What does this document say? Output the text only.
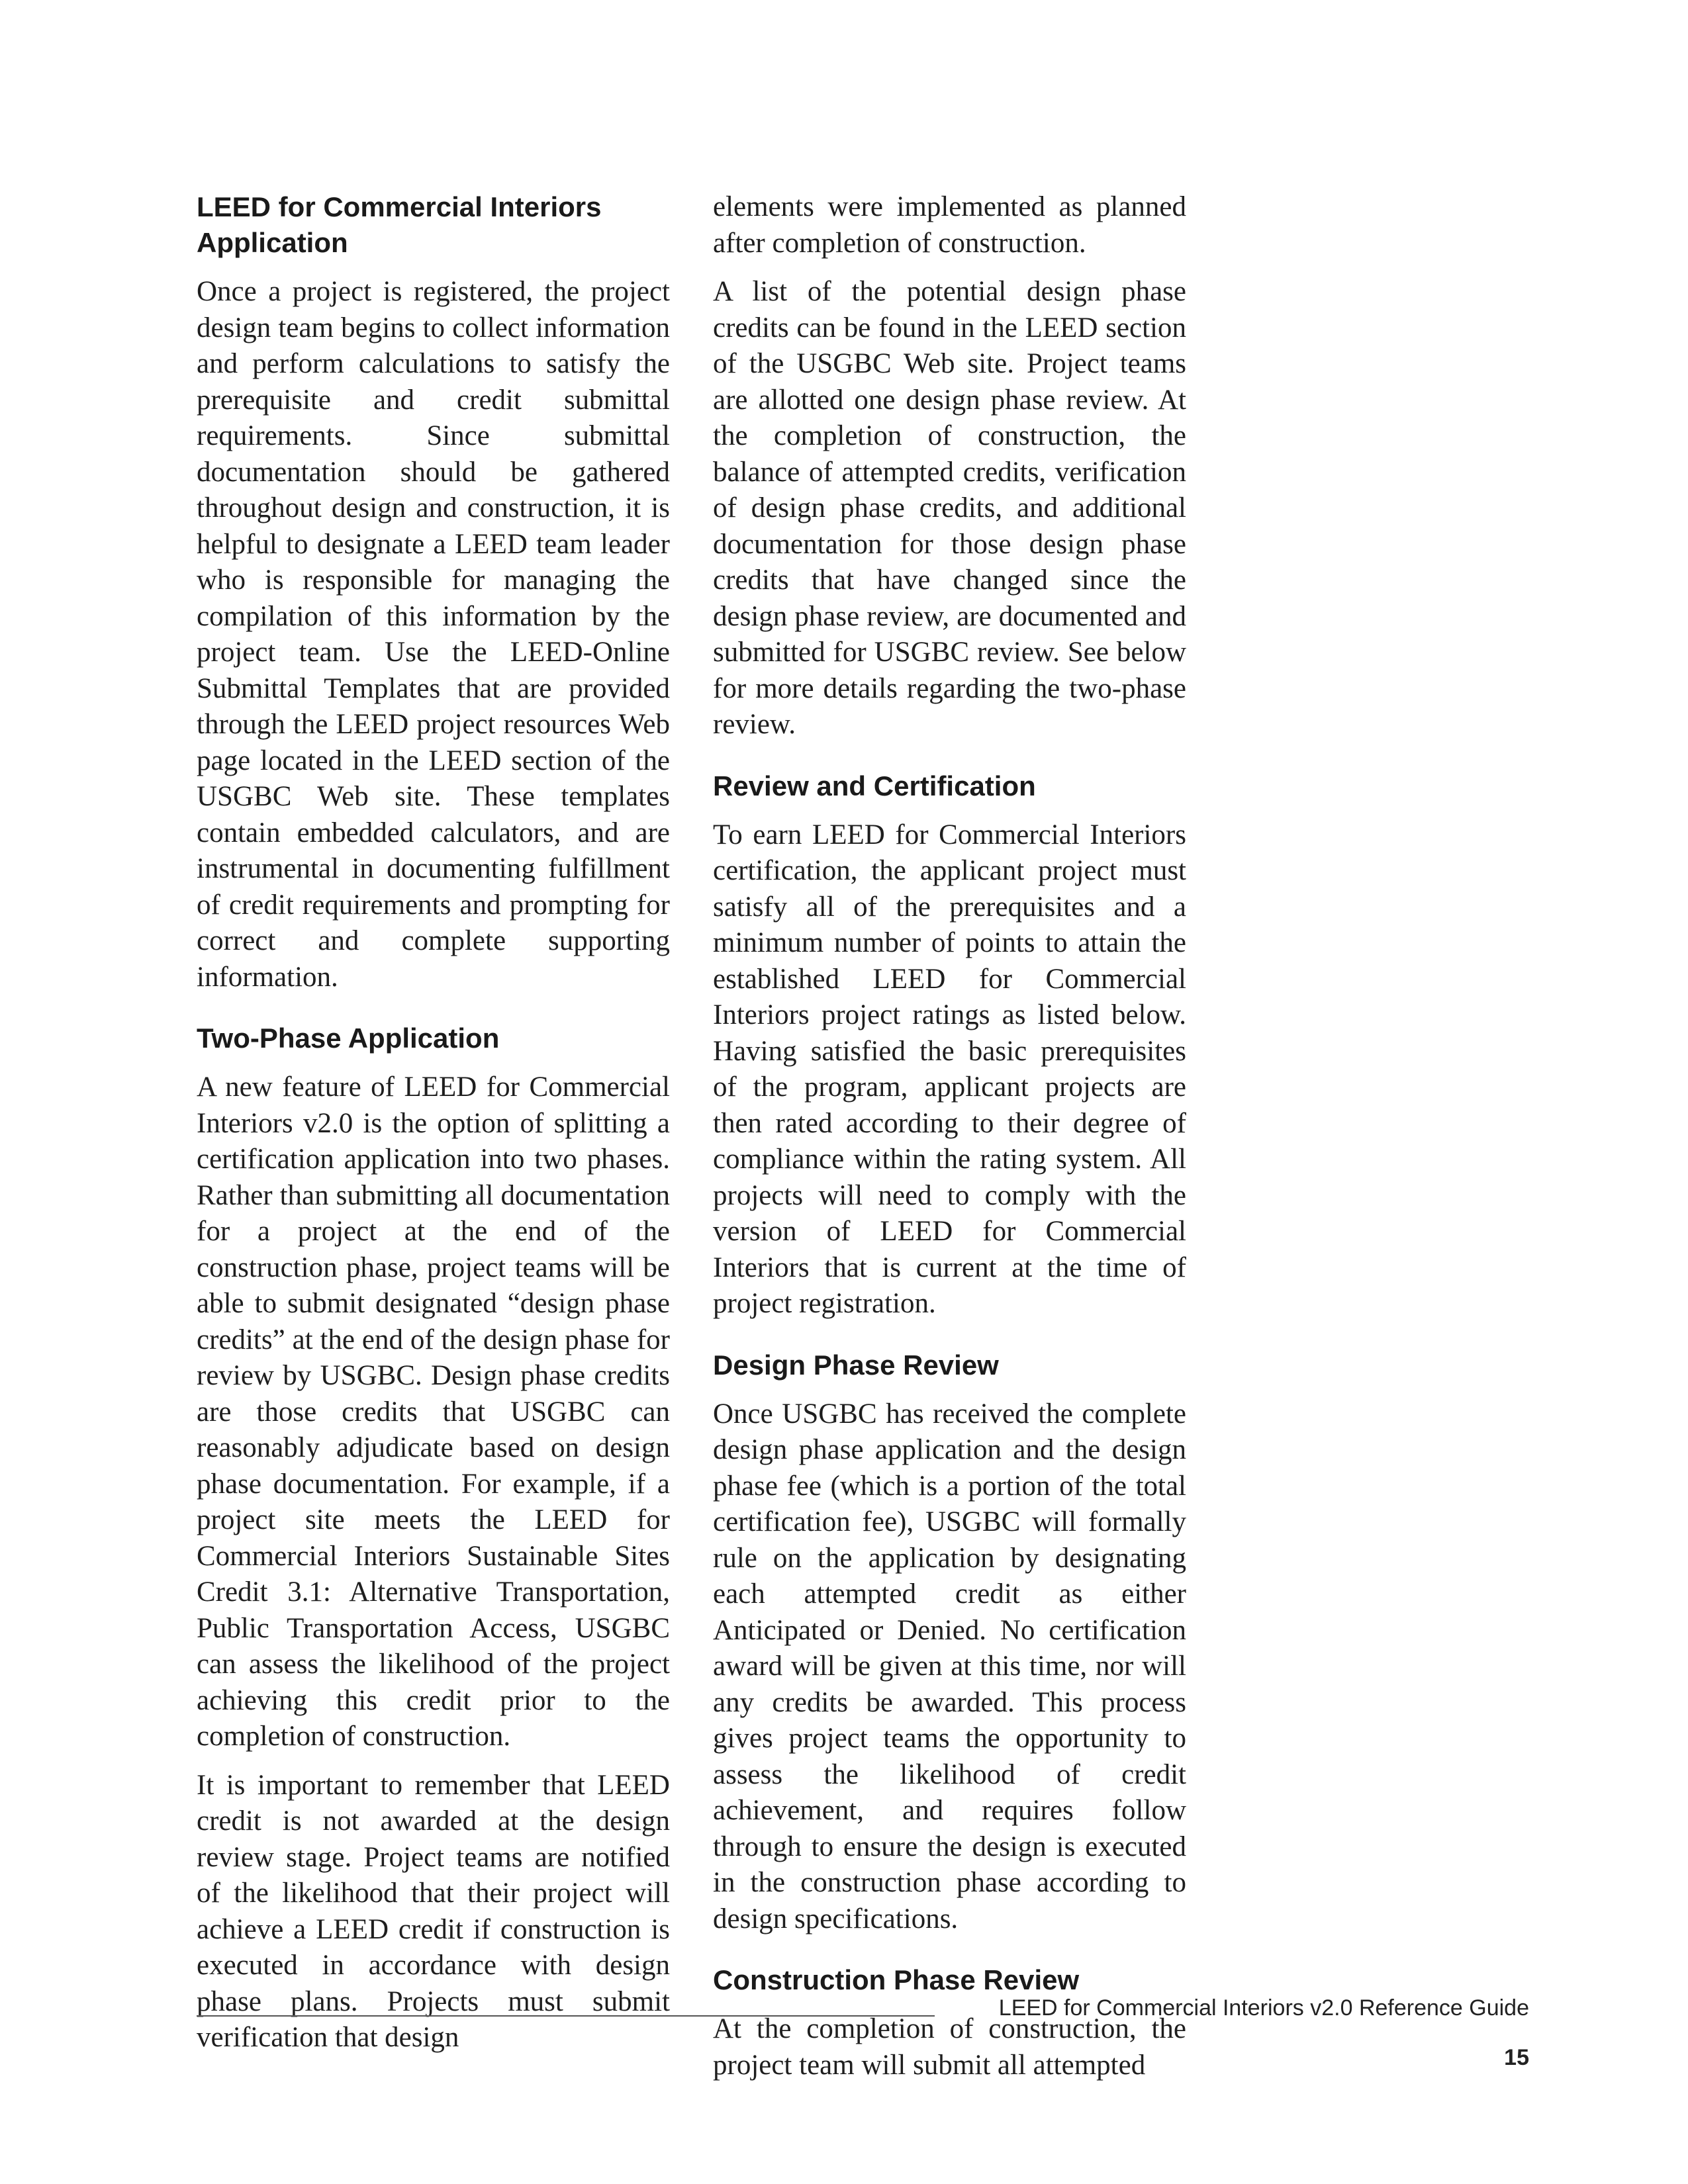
LEED for Commercial Interiors Application

Once a project is registered, the project design team begins to collect information and perform calculations to satisfy the prerequisite and credit submittal requirements. Since submittal documentation should be gathered throughout design and construction, it is helpful to designate a LEED team leader who is responsible for managing the compilation of this information by the project team. Use the LEED-Online Submittal Templates that are provided through the LEED project resources Web page located in the LEED section of the USGBC Web site. These templates contain embedded calculators, and are instrumental in documenting fulfillment of credit requirements and prompting for correct and complete supporting information.

Two-Phase Application

A new feature of LEED for Commercial Interiors v2.0 is the option of splitting a certification application into two phases. Rather than submitting all documentation for a project at the end of the construction phase, project teams will be able to submit designated “design phase credits” at the end of the design phase for review by USGBC. Design phase credits are those credits that USGBC can reasonably adjudicate based on design phase documentation. For example, if a project site meets the LEED for Commercial Interiors Sustainable Sites Credit 3.1: Alternative Transportation, Public Transportation Access, USGBC can assess the likelihood of the project achieving this credit prior to the completion of construction.

It is important to remember that LEED credit is not awarded at the design review stage. Project teams are notified of the likelihood that their project will achieve a LEED credit if construction is executed in accordance with design phase plans. Projects must submit verification that design

elements were implemented as planned after completion of construction.

A list of the potential design phase credits can be found in the LEED section of the USGBC Web site. Project teams are allotted one design phase review. At the completion of construction, the balance of attempted credits, verification of design phase credits, and additional documentation for those design phase credits that have changed since the design phase review, are documented and submitted for USGBC review. See below for more details regarding the two-phase review.

Review and Certification

To earn LEED for Commercial Interiors certification, the applicant project must satisfy all of the prerequisites and a minimum number of points to attain the established LEED for Commercial Interiors project ratings as listed below. Having satisfied the basic prerequisites of the program, applicant projects are then rated according to their degree of compliance within the rating system. All projects will need to comply with the version of LEED for Commercial Interiors that is current at the time of project registration.

Design Phase Review

Once USGBC has received the complete design phase application and the design phase fee (which is a portion of the total certification fee), USGBC will formally rule on the application by designating each attempted credit as either Anticipated or Denied. No certification award will be given at this time, nor will any credits be awarded. This process gives project teams the opportunity to assess the likelihood of credit achievement, and requires follow through to ensure the design is executed in the construction phase according to design specifications.

Construction Phase Review

At the completion of construction, the project team will submit all attempted

LEED for Commercial Interiors v2.0 Reference Guide
15
